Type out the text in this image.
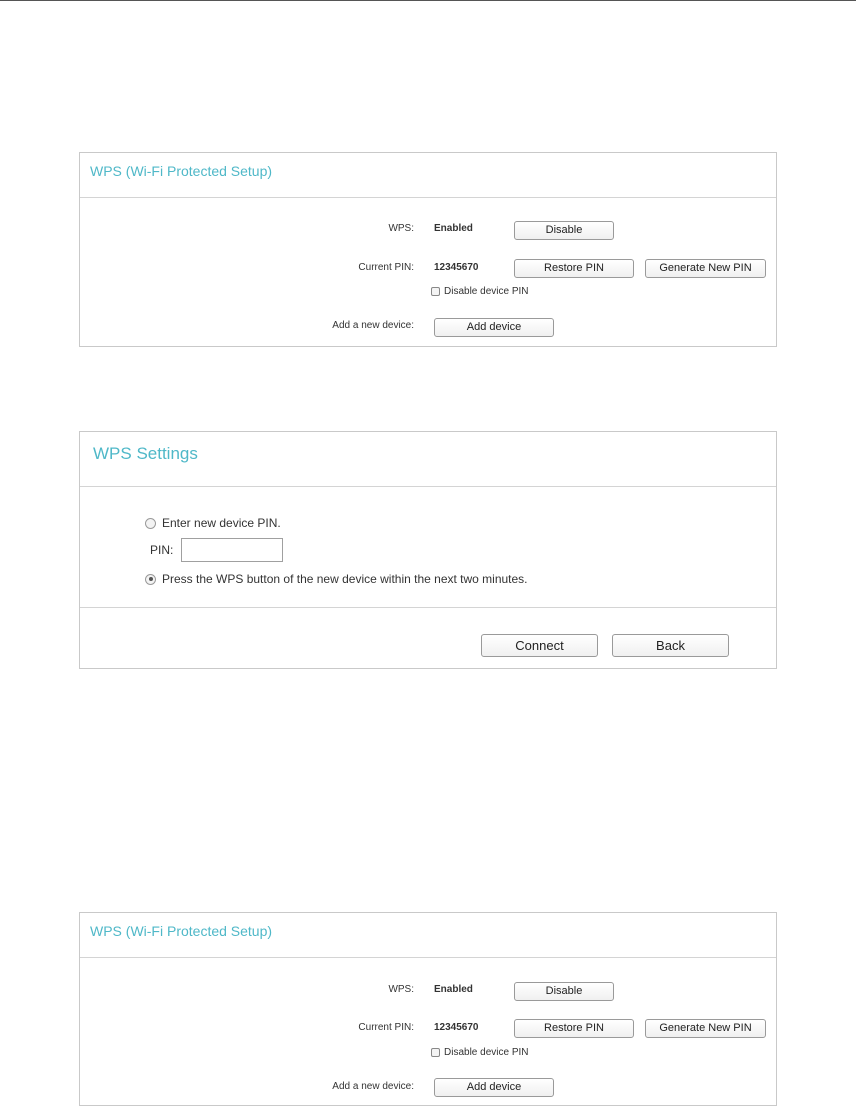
WPS (Wi-Fi Protected Setup)
WPS: Enabled	Disable
Current PIN: 12345670	Restore PIN	Generate New PIN
Disable device PIN
Add a new device:	Add device
WPS Settings
Enter new device PIN.
PIN:
Press the WPS button of the new device within the next two minutes.
Connect	Back
WPS (Wi-Fi Protected Setup)
WPS: Enabled	Disable
Current PIN: 12345670	Restore PIN	Generate New PIN
Disable device PIN
Add a new device:	Add device
